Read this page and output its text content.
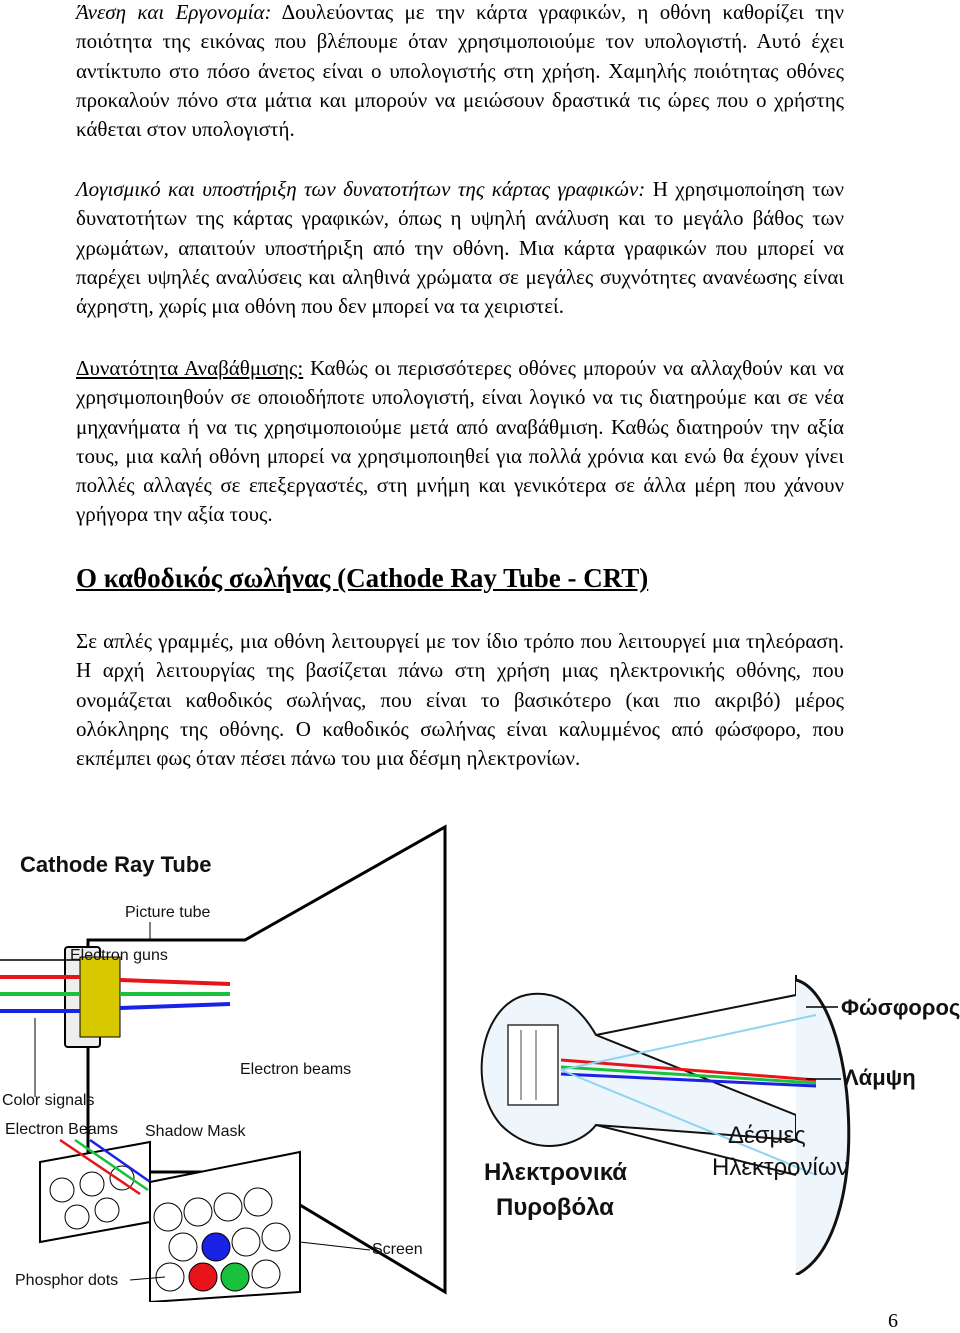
Άνεση και Εργονομία: Δουλεύοντας με την κάρτα γραφικών, η οθόνη καθορίζει την ποιότητα της εικόνας που βλέπουμε όταν χρησιμοποιούμε τον υπολογιστή. Αυτό έχει αντίκτυπο στο πόσο άνετος είναι ο υπολογιστής στη χρήση. Χαμηλής ποιότητας οθόνες προκαλούν πόνο στα μάτια και μπορούν να μειώσουν δραστικά τις ώρες που ο χρήστης κάθεται στον υπολογιστή.

Λογισμικό και υποστήριξη των δυνατοτήτων της κάρτας γραφικών: Η χρησιμοποίηση των δυνατοτήτων της κάρτας γραφικών, όπως η υψηλή ανάλυση και το μεγάλο βάθος των χρωμάτων, απαιτούν υποστήριξη από την οθόνη. Μια κάρτα γραφικών που μπορεί να παρέχει υψηλές αναλύσεις και αληθινά χρώματα σε μεγάλες συχνότητες ανανέωσης είναι άχρηστη, χωρίς μια οθόνη που δεν μπορεί να τα χειριστεί.

Δυνατότητα Αναβάθμισης: Καθώς οι περισσότερες οθόνες μπορούν να αλλαχθούν και να χρησιμοποιηθούν σε οποιοδήποτε υπολογιστή, είναι λογικό να τις διατηρούμε και σε νέα μηχανήματα ή να τις χρησιμοποιούμε μετά από αναβάθμιση. Καθώς διατηρούν την αξία τους, μια καλή οθόνη μπορεί να χρησιμοποιηθεί για πολλά χρόνια και ενώ θα έχουν γίνει πολλές αλλαγές σε επεξεργαστές, στη μνήμη και γενικότερα σε άλλα μέρη που χάνουν γρήγορα την αξία τους.

Ο καθοδικός σωλήνας (Cathode Ray Tube - CRT)

Σε απλές γραμμές, μια οθόνη λειτουργεί με τον ίδιο τρόπο που λειτουργεί μια τηλεόραση. Η αρχή λειτουργίας της βασίζεται πάνω στη χρήση μιας ηλεκτρονικής οθόνης, που ονομάζεται καθοδικός σωλήνας, που είναι το βασικότερο (και πιο ακριβό) μέρος ολόκληρης της οθόνης. Ο καθοδικός σωλήνας είναι καλυμμένος από φώσφορο, που εκπέμπει φως όταν πέσει πάνω του μια δέσμη ηλεκτρονίων.

Cathode Ray Tube
Picture tube
Electron guns
Electron beams
Color signals
Electron Beams Shadow Mask
Screen
Phosphor dots
Φώσφορος
Λάμψη
Δέσμες
Ηλεκτρονίων
Ηλεκτρονικά
Πυροβόλα

6
